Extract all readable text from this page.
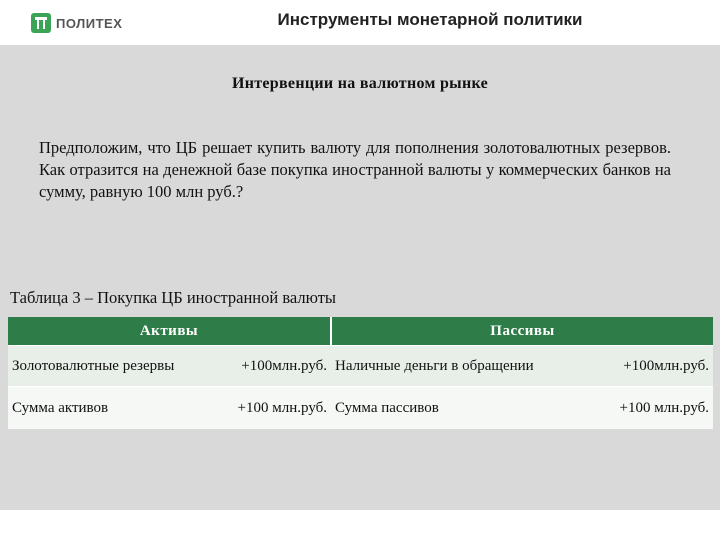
ПОЛИТЕХ	Инструменты монетарной политики
Интервенции на валютном рынке
Предположим, что ЦБ решает купить валюту для пополнения золотовалютных резервов. Как отразится на денежной базе покупка иностранной валюты у коммерческих банков на сумму, равную 100 млн руб.?
Таблица 3 – Покупка ЦБ иностранной валюты
Активы	Пассивы

Золотовалютные резервы +100млн.руб.	Наличные деньги в обращении +100млн.руб.

Сумма активов +100 млн.руб.	Сумма пассивов +100 млн.руб.
